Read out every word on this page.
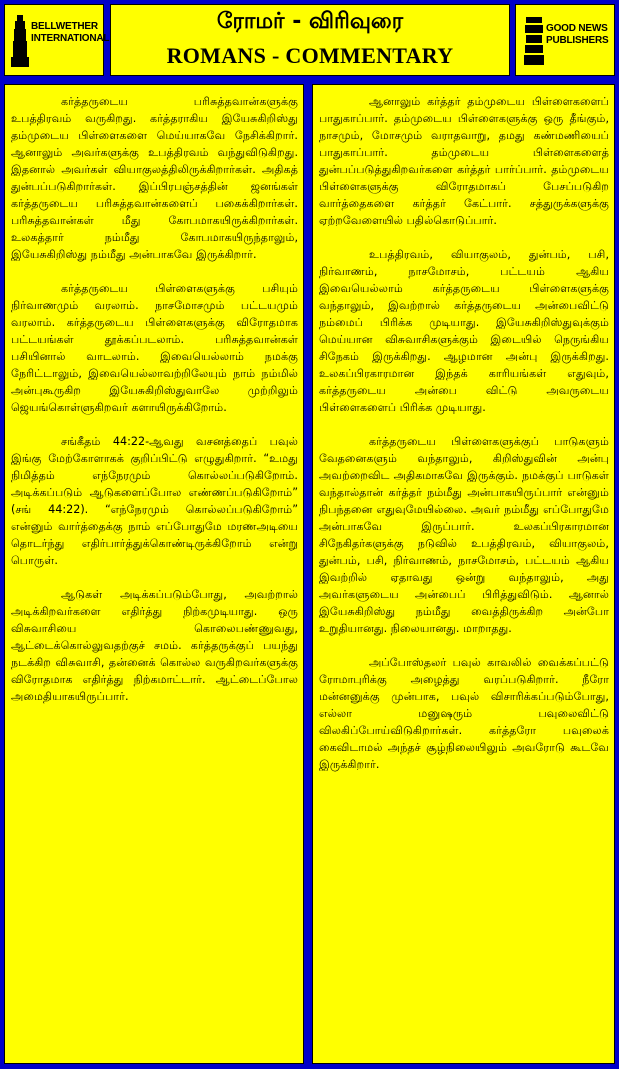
BELLWETHER
INTERNATIONAL
ரோமர் - விரிவுரை
ROMANS - COMMENTARY
GOOD NEWS
PUBLISHERS

கர்த்தருடைய பரிசுத்தவான்களுக்கு உபத்திரவம் வருகிறது. கர்த்தராகிய இயேசுகிறிஸ்து தம்முடைய பிள்ளைகளை மெய்யாகவே நேசிக்கிறார். ஆனாலும் அவர்களுக்கு உபத்திரவம் வந்துவிடுகிறது. இதனால் அவர்கள் வியாகுலத்திலிருக்கிறார்கள். அதிகத் துன்பப்படுகிறார்கள். இப்பிரபஞ்சத்தின் ஜனங்கள் கர்த்தருடைய பரிசுத்தவான்களைப் பகைக்கிறார்கள். பரிசுத்தவான்கள் மீது கோபமாகயிருக்கிறார்கள். உலகத்தார் நம்மீது கோபமாகயிருந்தாலும், இயேசுகிறிஸ்து நம்மீது அன்பாகவே இருக்கிறார்.

கர்த்தருடைய பிள்ளைகளுக்கு பசியும் நிர்வாணமும் வரலாம். நாசமோசமும் பட்டயமும் வரலாம். கர்த்தருடைய பிள்ளைகளுக்கு விரோதமாக பட்டயங்கள் தூக்கப்படலாம். பரிசுத்தவான்கள் பசியினால் வாடலாம். இவையெல்லாம் நமக்கு நேரிட்டாலும், இவையெல்லாவற்றிலேயும் நாம் நம்மில் அன்புகூருகிற இயேசுகிறிஸ்துவாலே முற்றிலும் ஜெயங்கொள்ளுகிறவர் களாயிருக்கிறோம்.

சங்கீதம் 44:22-ஆவது வசனத்தைப் பவுல் இங்கு மேற்கோளாகக் குறிப்பிட்டு எழுதுகிறார். “உமது நிமித்தம் எந்நேரமும் கொல்லப்படுகிறோம். அடிக்கப்படும் ஆடுகளைப்போல எண்ணப்படுகிறோம்” (சங் 44:22). “எந்நேரமும் கொல்லப்படுகிறோம்” என்னும் வார்த்தைக்கு நாம் எப்போதுமே மரணஅடியை தொடர்ந்து எதிர்பார்த்துக்கொண்டிருக்கிறோம் என்று பொருள்.

ஆடுகள் அடிக்கப்படும்போது, அவற்றால் அடிக்கிறவர்களை எதிர்த்து நிற்கமுடியாது. ஒரு விசுவாசியை கொலைபண்ணுவது, ஆட்டைக்கொல்லுவதற்குச் சமம். கர்த்தருக்குப் பயந்து நடக்கிற விசுவாசி, தன்னைக் கொல்ல வருகிறவர்களுக்கு விரோதமாக எதிர்த்து நிற்கமாட்டார். ஆட்டைப்போல அமைதியாகயிருப்பார்.

ஆனாலும் கர்த்தர் தம்முடைய பிள்ளைகளைப் பாதுகாப்பார். தம்முடைய பிள்ளைகளுக்கு ஒரு தீங்கும், நாசமும், மோசமும் வராதவாறு, தமது கண்மணியைப் பாதுகாப்பார். தம்முடைய பிள்ளைகளைத் துன்பப்படுத்துகிறவர்களை கர்த்தர் பார்ப்பார். தம்முடைய பிள்ளைகளுக்கு விரோதமாகப் பேசப்படுகிற வார்த்தைகளை கர்த்தர் கேட்பார். சத்துருக்களுக்கு ஏற்றவேளையில் பதில்கொடுப்பார்.

உபத்திரவம், வியாகுலம், துன்பம், பசி, நிர்வாணம், நாசமோசம், பட்டயம் ஆகிய இவையெல்லாம் கர்த்தருடைய பிள்ளைகளுக்கு வந்தாலும், இவற்றால் கர்த்தருடைய அன்பைவிட்டு நம்மைப் பிரிக்க முடியாது. இயேசுகிறிஸ்துவுக்கும் மெய்யான விசுவாசிகளுக்கும் இடையில் நெருங்கிய சிநேகம் இருக்கிறது. ஆழமான அன்பு இருக்கிறது. உலகப்பிரகாரமான இந்தக் காரியங்கள் எதுவும், கர்த்தருடைய அன்பை விட்டு அவருடைய பிள்ளைகளைப் பிரிக்க முடியாது.

கர்த்தருடைய பிள்ளைகளுக்குப் பாடுகளும் வேதனைகளும் வந்தாலும், கிறிஸ்துவின் அன்பு அவற்றைவிட அதிகமாகவே இருக்கும். நமக்குப் பாடுகள் வந்தால்தான் கர்த்தர் நம்மீது அன்பாகயிருப்பார் என்னும் நிபந்தனை எதுவுமேயில்லை. அவர் நம்மீது எப்போதுமே அன்பாகவே இருப்பார். உலகப்பிரகாரமான சிநேகிதர்களுக்கு நடுவில் உபத்திரவம், வியாகுலம், துன்பம், பசி, நிர்வாணம், நாசமோசம், பட்டயம் ஆகிய இவற்றில் ஏதாவது ஒன்று வந்தாலும், அது அவர்களுடைய அன்பைப் பிரித்துவிடும். ஆனால் இயேசுகிறிஸ்து நம்மீது வைத்திருக்கிற அன்போ உறுதியானது. நிலையானது. மாறாதது.

அப்போஸ்தலர் பவுல் காவலில் வைக்கப்பட்டு ரோமாபுரிக்கு அழைத்து வரப்படுகிறார். நீரோ மன்னனுக்கு முன்பாக, பவுல் விசாரிக்கப்படும்போது, எல்லா மனுஷரும் பவுலைவிட்டு விலகிப்போய்விடுகிறார்கள். கர்த்தரோ பவுலைக் கைவிடாமல் அந்தச் சூழ்நிலையிலும் அவரோடு கூடவே இருக்கிறார்.
